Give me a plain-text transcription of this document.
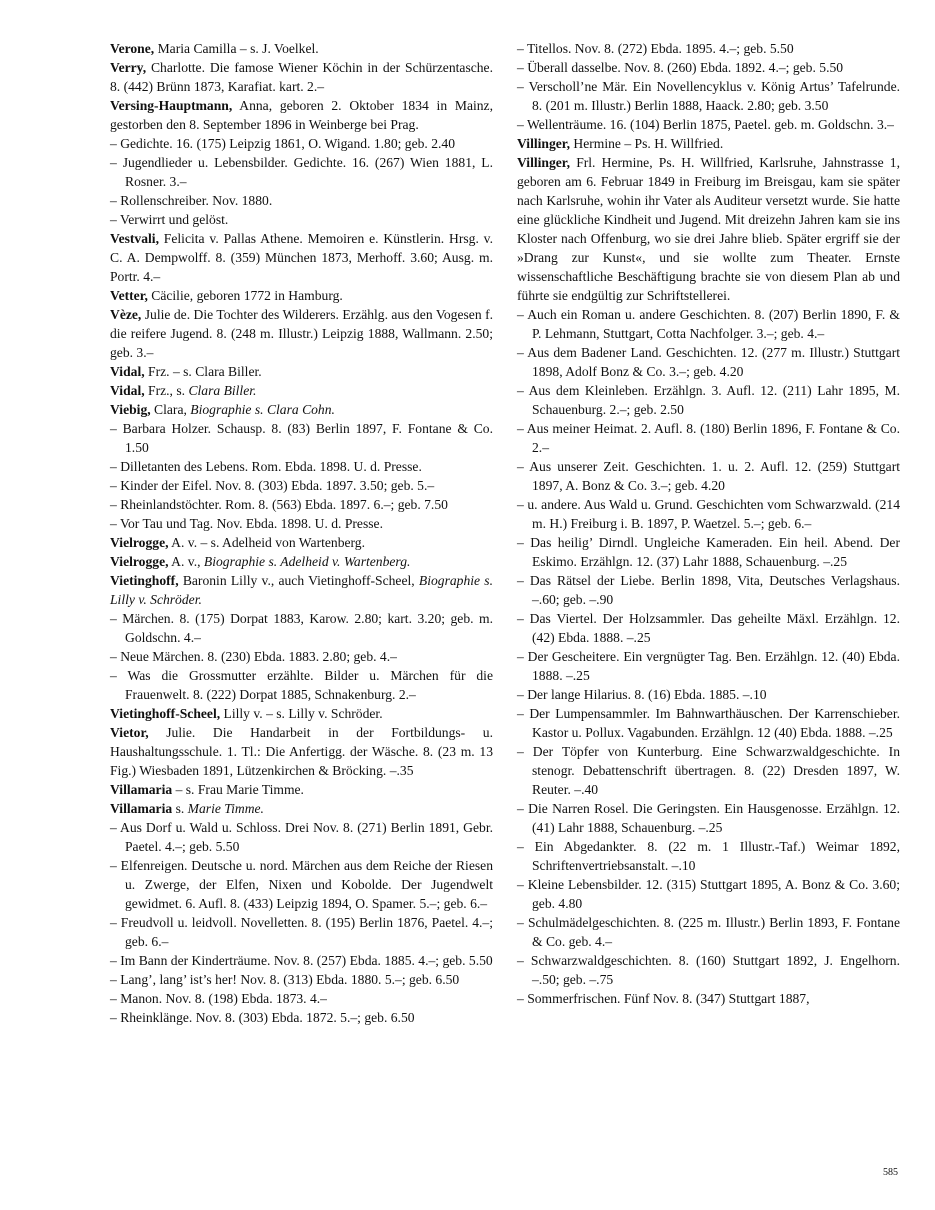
Verone, Maria Camilla – s. J. Voelkel.

Verry, Charlotte. Die famose Wiener Köchin in der Schürzentasche. 8. (442) Brünn 1873, Karafiat. kart. 2.–

Versing-Hauptmann, Anna, geboren 2. Oktober 1834 in Mainz, gestorben den 8. September 1896 in Weinberge bei Prag.

– Gedichte. 16. (175) Leipzig 1861, O. Wigand. 1.80; geb. 2.40

– Jugendlieder u. Lebensbilder. Gedichte. 16. (267) Wien 1881, L. Rosner. 3.–

– Rollenschreiber. Nov. 1880.

– Verwirrt und gelöst.

Vestvali, Felicita v. Pallas Athene. Memoiren e. Künstlerin. Hrsg. v. C. A. Dempwolff. 8. (359) München 1873, Merhoff. 3.60; Ausg. m. Portr. 4.–

Vetter, Cäcilie, geboren 1772 in Hamburg.

Vèze, Julie de. Die Tochter des Wilderers. Erzählg. aus den Vogesen f. die reifere Jugend. 8. (248 m. Illustr.) Leipzig 1888, Wallmann. 2.50; geb. 3.–

Vidal, Frz. – s. Clara Biller.

Vidal, Frz., s. Clara Biller.

Viebig, Clara, Biographie s. Clara Cohn.

– Barbara Holzer. Schausp. 8. (83) Berlin 1897, F. Fontane & Co. 1.50

– Dilletanten des Lebens. Rom. Ebda. 1898. U. d. Presse.

– Kinder der Eifel. Nov. 8. (303) Ebda. 1897. 3.50; geb. 5.–

– Rheinlandstöchter. Rom. 8. (563) Ebda. 1897. 6.–; geb. 7.50

– Vor Tau und Tag. Nov. Ebda. 1898. U. d. Presse.

Vielrogge, A. v. – s. Adelheid von Wartenberg.

Vielrogge, A. v., Biographie s. Adelheid v. Wartenberg.

Vietinghoff, Baronin Lilly v., auch Vietinghoff-Scheel, Biographie s. Lilly v. Schröder.

– Märchen. 8. (175) Dorpat 1883, Karow. 2.80; kart. 3.20; geb. m. Goldschn. 4.–

– Neue Märchen. 8. (230) Ebda. 1883. 2.80; geb. 4.–

– Was die Grossmutter erzählte. Bilder u. Märchen für die Frauenwelt. 8. (222) Dorpat 1885, Schnakenburg. 2.–

Vietinghoff-Scheel, Lilly v. – s. Lilly v. Schröder.

Vietor, Julie. Die Handarbeit in der Fortbildungs- u. Haushaltungsschule. 1. Tl.: Die Anfertigg. der Wäsche. 8. (23 m. 13 Fig.) Wiesbaden 1891, Lützenkirchen & Bröcking. –.35

Villamaria – s. Frau Marie Timme.

Villamaria s. Marie Timme.

– Aus Dorf u. Wald u. Schloss. Drei Nov. 8. (271) Berlin 1891, Gebr. Paetel. 4.–; geb. 5.50

– Elfenreigen. Deutsche u. nord. Märchen aus dem Reiche der Riesen u. Zwerge, der Elfen, Nixen und Kobolde. Der Jugendwelt gewidmet. 6. Aufl. 8. (433) Leipzig 1894, O. Spamer. 5.–; geb. 6.–

– Freudvoll u. leidvoll. Novelletten. 8. (195) Berlin 1876, Paetel. 4.–; geb. 6.–

– Im Bann der Kinderträume. Nov. 8. (257) Ebda. 1885. 4.–; geb. 5.50

– Lang’, lang’ ist’s her! Nov. 8. (313) Ebda. 1880. 5.–; geb. 6.50

– Manon. Nov. 8. (198) Ebda. 1873. 4.–

– Rheinklänge. Nov. 8. (303) Ebda. 1872. 5.–; geb. 6.50

– Titellos. Nov. 8. (272) Ebda. 1895. 4.–; geb. 5.50

– Überall dasselbe. Nov. 8. (260) Ebda. 1892. 4.–; geb. 5.50

– Verscholl’ne Mär. Ein Novellencyklus v. König Artus’ Tafelrunde. 8. (201 m. Illustr.) Berlin 1888, Haack. 2.80; geb. 3.50

– Wellenträume. 16. (104) Berlin 1875, Paetel. geb. m. Goldschn. 3.–

Villinger, Hermine – Ps. H. Willfried.

Villinger, Frl. Hermine, Ps. H. Willfried, Karlsruhe, Jahnstrasse 1, geboren am 6. Februar 1849 in Freiburg im Breisgau, kam sie später nach Karlsruhe, wohin ihr Vater als Auditeur versetzt wurde. Sie hatte eine glückliche Kindheit und Jugend. Mit dreizehn Jahren kam sie ins Kloster nach Offenburg, wo sie drei Jahre blieb. Später ergriff sie der »Drang zur Kunst«, und sie wollte zum Theater. Ernste wissenschaftliche Beschäftigung brachte sie von diesem Plan ab und führte sie endgültig zur Schriftstellerei.

– Auch ein Roman u. andere Geschichten. 8. (207) Berlin 1890, F. & P. Lehmann, Stuttgart, Cotta Nachfolger. 3.–; geb. 4.–

– Aus dem Badener Land. Geschichten. 12. (277 m. Illustr.) Stuttgart 1898, Adolf Bonz & Co. 3.–; geb. 4.20

– Aus dem Kleinleben. Erzählgn. 3. Aufl. 12. (211) Lahr 1895, M. Schauenburg. 2.–; geb. 2.50

– Aus meiner Heimat. 2. Aufl. 8. (180) Berlin 1896, F. Fontane & Co. 2.–

– Aus unserer Zeit. Geschichten. 1. u. 2. Aufl. 12. (259) Stuttgart 1897, A. Bonz & Co. 3.–; geb. 4.20

– u. andere. Aus Wald u. Grund. Geschichten vom Schwarzwald. (214 m. H.) Freiburg i. B. 1897, P. Waetzel. 5.–; geb. 6.–

– Das heilig’ Dirndl. Ungleiche Kameraden. Ein heil. Abend. Der Eskimo. Erzählgn. 12. (37) Lahr 1888, Schauenburg. –.25

– Das Rätsel der Liebe. Berlin 1898, Vita, Deutsches Verlagshaus. –.60; geb. –.90

– Das Viertel. Der Holzsammler. Das geheilte Mäxl. Erzählgn. 12. (42) Ebda. 1888. –.25

– Der Gescheitere. Ein vergnügter Tag. Ben. Erzählgn. 12. (40) Ebda. 1888. –.25

– Der lange Hilarius. 8. (16) Ebda. 1885. –.10

– Der Lumpensammler. Im Bahnwarthäuschen. Der Karrenschieber. Kastor u. Pollux. Vagabunden. Erzählgn. 12 (40) Ebda. 1888. –.25

– Der Töpfer von Kunterburg. Eine Schwarzwaldgeschichte. In stenogr. Debattenschrift übertragen. 8. (22) Dresden 1897, W. Reuter. –.40

– Die Narren Rosel. Die Geringsten. Ein Hausgenosse. Erzählgn. 12. (41) Lahr 1888, Schauenburg. –.25

– Ein Abgedankter. 8. (22 m. 1 Illustr.-Taf.) Weimar 1892, Schriftenvertriebsanstalt. –.10

– Kleine Lebensbilder. 12. (315) Stuttgart 1895, A. Bonz & Co. 3.60; geb. 4.80

– Schulmädelgeschichten. 8. (225 m. Illustr.) Berlin 1893, F. Fontane & Co. geb. 4.–

– Schwarzwaldgeschichten. 8. (160) Stuttgart 1892, J. Engelhorn. –.50; geb. –.75

– Sommerfrischen. Fünf Nov. 8. (347) Stuttgart 1887,

585
